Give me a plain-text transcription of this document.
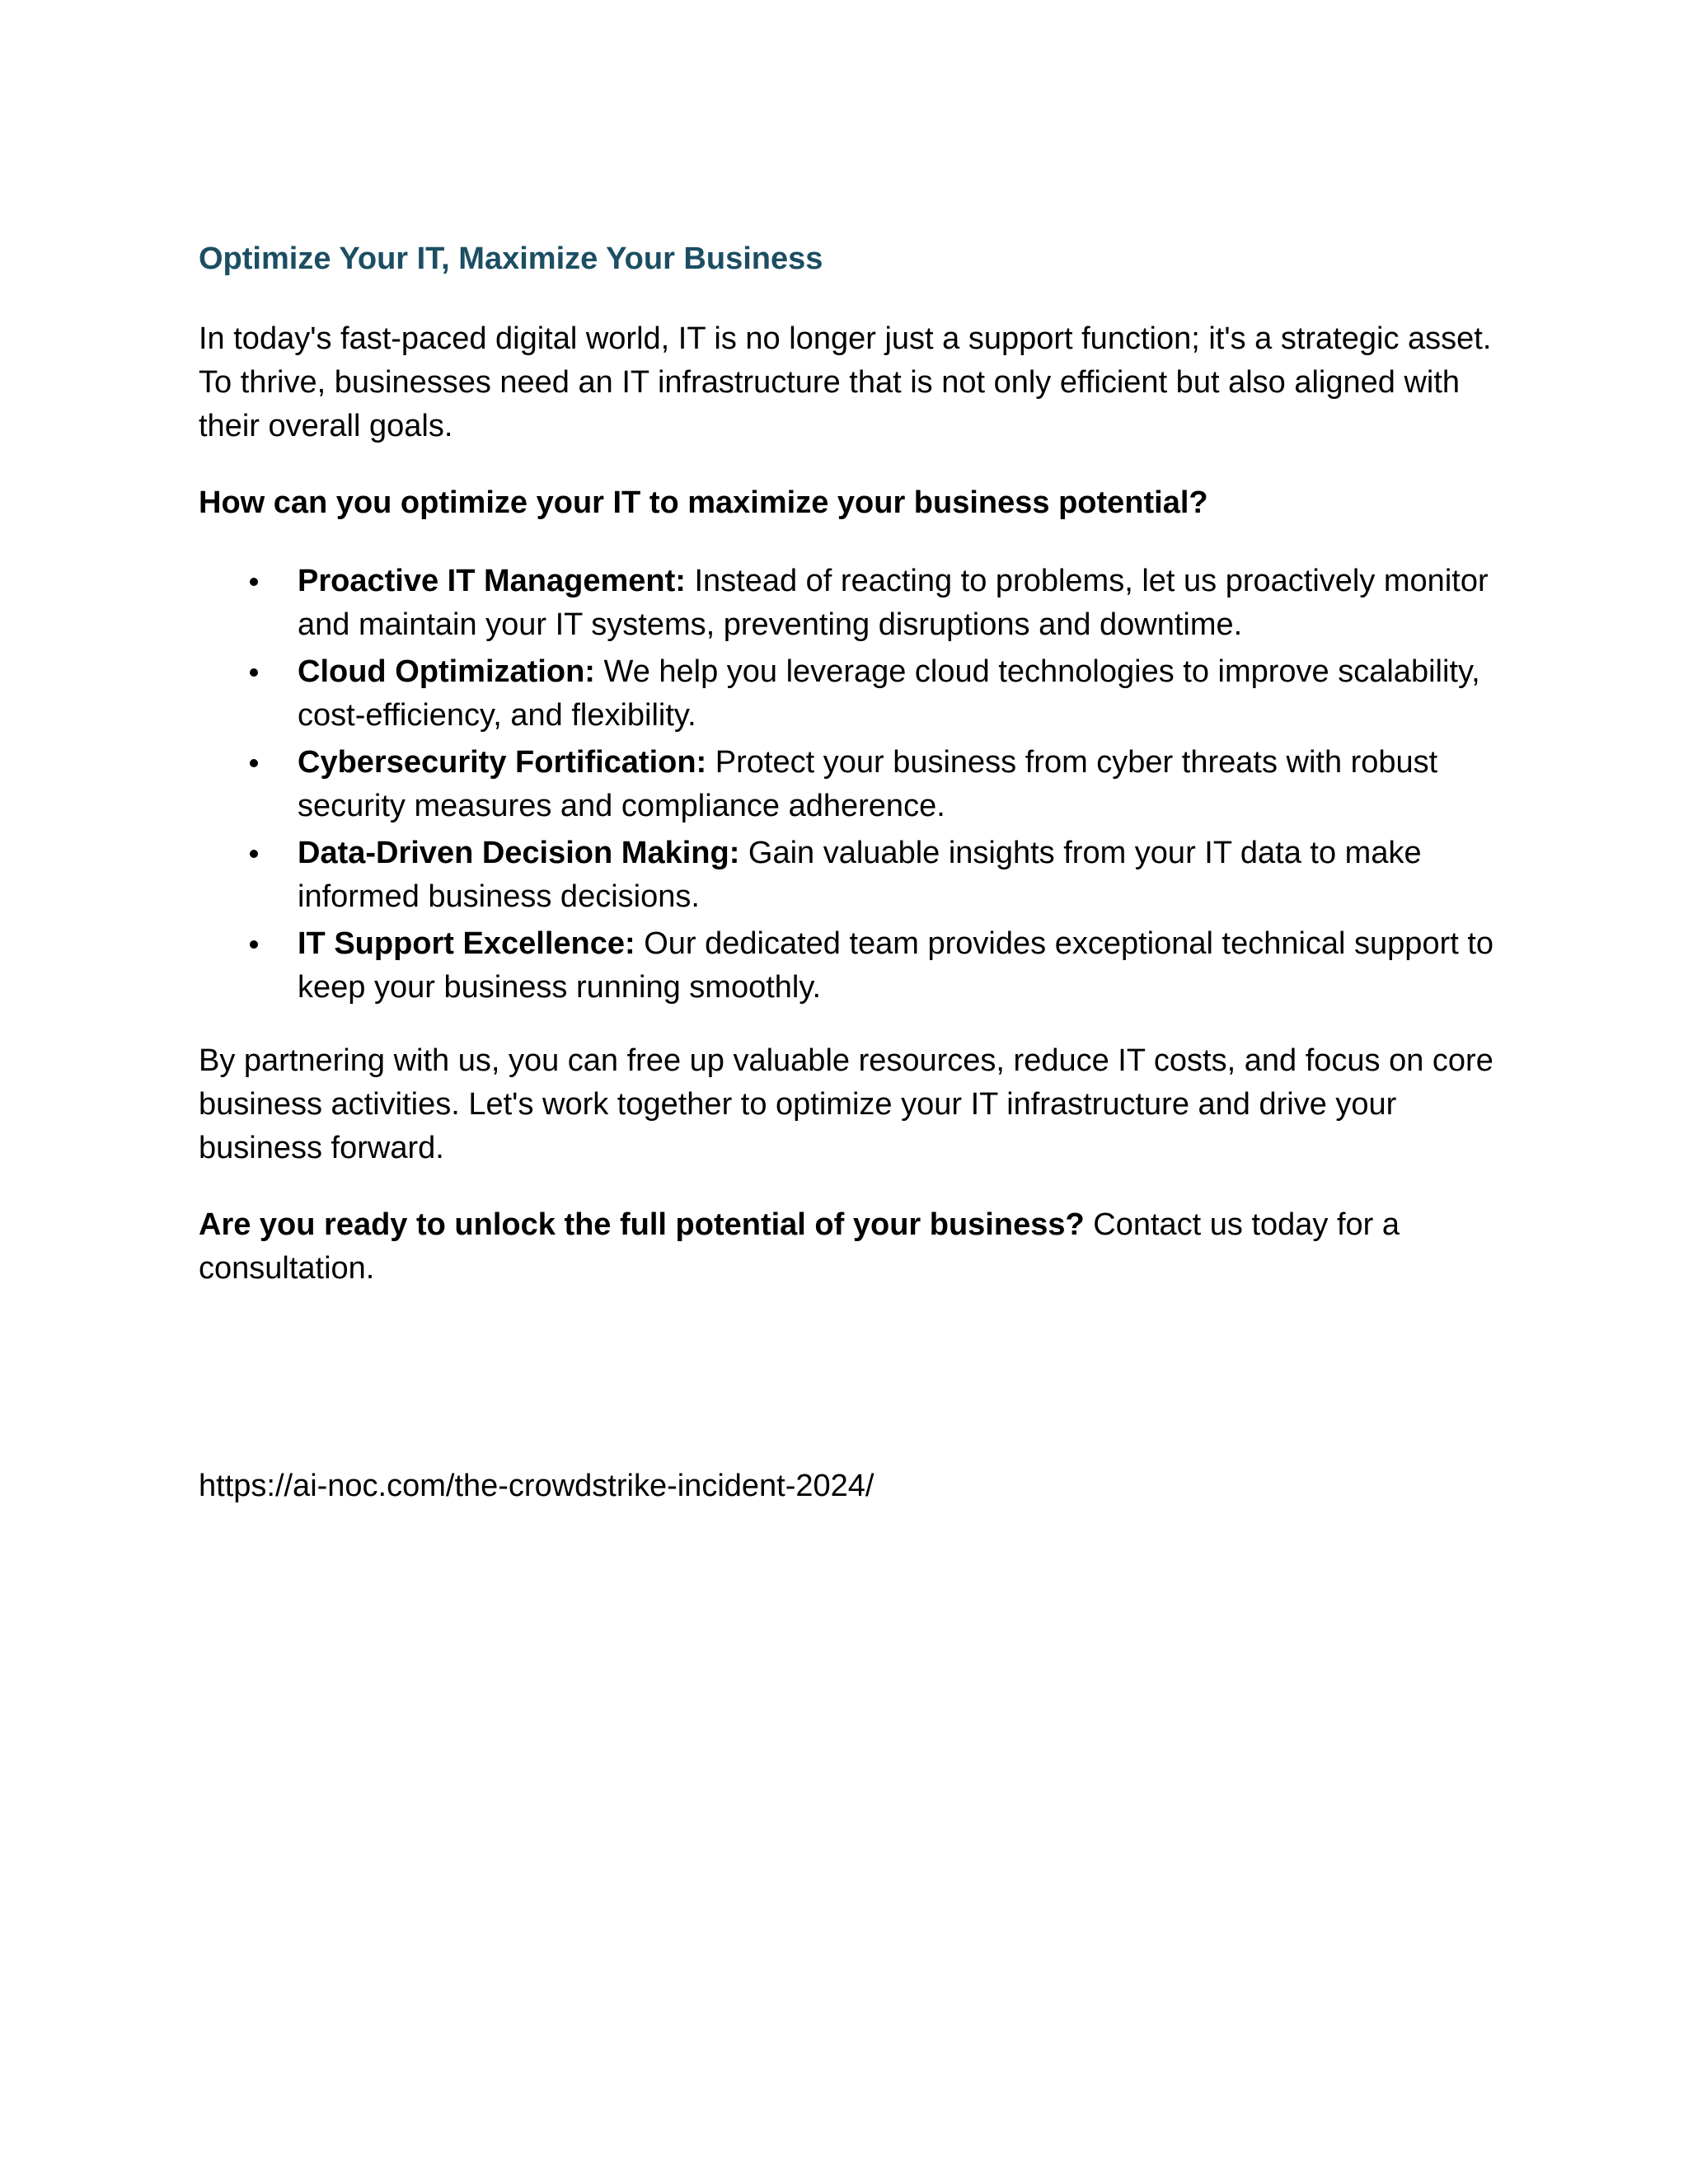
Optimize Your IT, Maximize Your Business

In today's fast-paced digital world, IT is no longer just a support function; it's a strategic asset. To thrive, businesses need an IT infrastructure that is not only efficient but also aligned with their overall goals.

How can you optimize your IT to maximize your business potential?

Proactive IT Management: Instead of reacting to problems, let us proactively monitor and maintain your IT systems, preventing disruptions and downtime.
Cloud Optimization: We help you leverage cloud technologies to improve scalability, cost-efficiency, and flexibility.
Cybersecurity Fortification: Protect your business from cyber threats with robust security measures and compliance adherence.
Data-Driven Decision Making: Gain valuable insights from your IT data to make informed business decisions.
IT Support Excellence: Our dedicated team provides exceptional technical support to keep your business running smoothly.

By partnering with us, you can free up valuable resources, reduce IT costs, and focus on core business activities. Let's work together to optimize your IT infrastructure and drive your business forward.

Are you ready to unlock the full potential of your business? Contact us today for a consultation.

https://ai-noc.com/the-crowdstrike-incident-2024/
